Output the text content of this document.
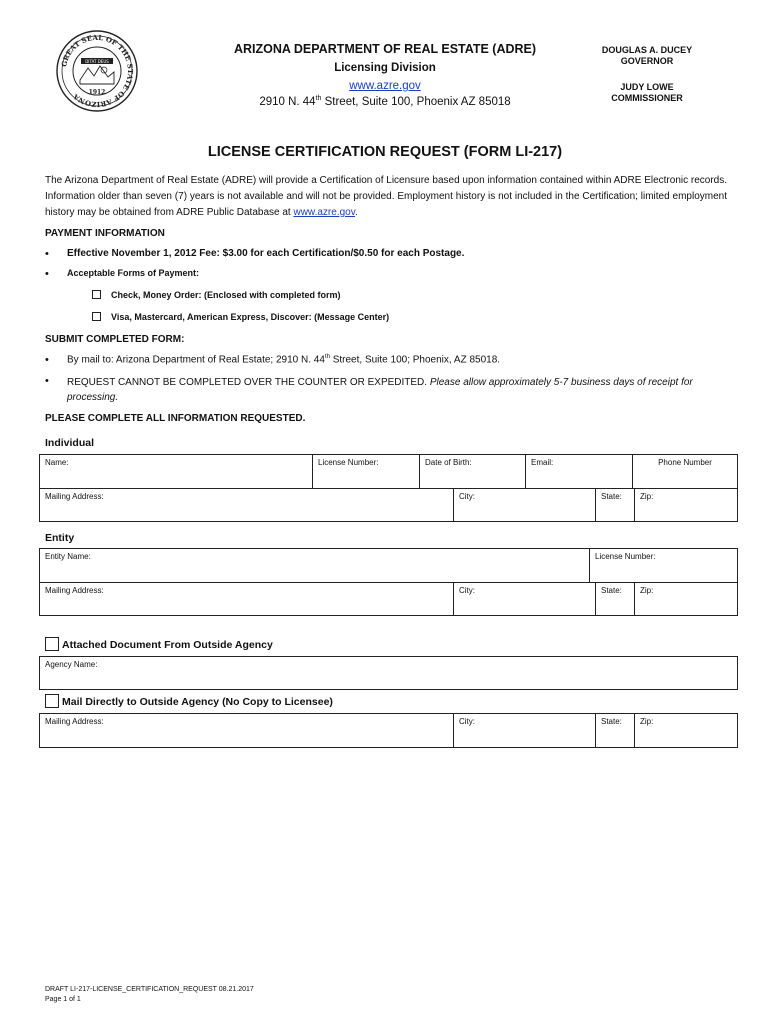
GREAT SEAL OF THE STATE OF ARIZONA
DITAT DEUS
1912
ARIZONA DEPARTMENT OF REAL ESTATE (ADRE)
Licensing Division
www.azre.gov
2910 N. 44th Street, Suite 100, Phoenix AZ 85018
DOUGLAS A. DUCEY
GOVERNOR
JUDY LOWE
COMMISSIONER
LICENSE CERTIFICATION REQUEST (FORM LI-217)
The Arizona Department of Real Estate (ADRE) will provide a Certification of Licensure based upon information contained within ADRE Electronic records. Information older than seven (7) years is not available and will not be provided. Employment history is not included in the Certification; limited employment history may be obtained from ADRE Public Database at www.azre.gov.
PAYMENT INFORMATION
• Effective November 1, 2012 Fee: $3.00 for each Certification/$0.50 for each Postage.
• Acceptable Forms of Payment:
Check, Money Order: (Enclosed with completed form)
Visa, Mastercard, American Express, Discover: (Message Center)
SUBMIT COMPLETED FORM:
• By mail to: Arizona Department of Real Estate; 2910 N. 44th Street, Suite 100; Phoenix, AZ 85018.
• REQUEST CANNOT BE COMPLETED OVER THE COUNTER OR EXPEDITED. Please allow approximately 5-7 business days of receipt for processing.
PLEASE COMPLETE ALL INFORMATION REQUESTED.
Individual
Name:	License Number:	Date of Birth:	Email:	Phone Number
Mailing Address:	City:	State: Zip:
Entity
Entity Name:	License Number:
Mailing Address:	City:	State: Zip:
Attached Document From Outside Agency
Agency Name:
Mail Directly to Outside Agency (No Copy to Licensee)
Mailing Address:	City:	State: Zip:
DRAFT LI-217-LICENSE_CERTIFICATION_REQUEST 08.21.2017
Page 1 of 1
